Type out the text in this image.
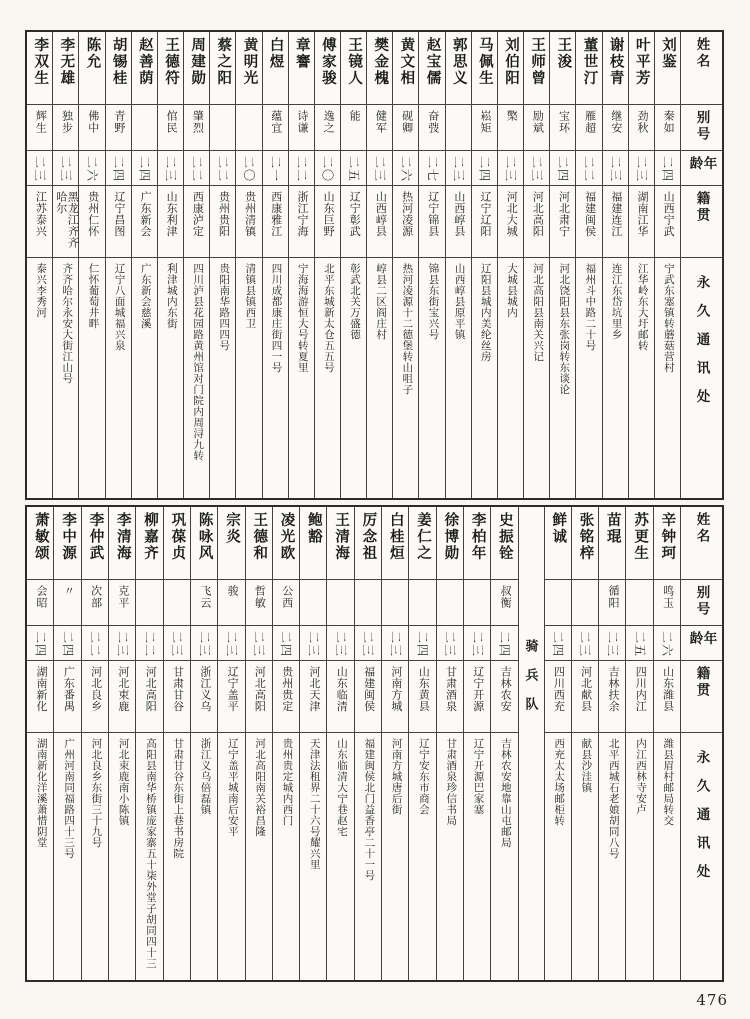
姓名
别号
年龄
籍贯
永久通讯处
刘鉴
秦如
二四
山西宁武
宁武东塞镇转蘑菇营村
叶平芳
劲秋
二三
湖南江华
江华岭东大圩邮转
谢枝青
继安
二三
福建连江
连江东岱坑里乡
董世汀
雁超
二二
福建闽侯
福州斗中路二十号
王浚
宝环
二四
河北肃宁
河北饶阳县东张岗转东谈论
王师曾
励斌
二三
河北高阳
河北高阳县南关兴记
刘伯阳
檠
二三
河北大城
大城县城内
马佩生
崧矩
二四
辽宁辽阳
辽阳县城内美纶丝房
郭思义
二三
山西崞县
山西崞县原平镇
赵宝儒
奋弢
二七
辽宁锦县
锦县东街宝兴号
黄文相
砚卿
二六
热河凌源
热河凌源十二德堡转山咀子
樊金槐
健军
二三
山西崞县
崞县二区阎庄村
王镜人
能
二五
辽宁彰武
彰武北关万盛德
傅家骏
逸之
二〇
山东巨野
北平东城新太仓五五号
章謇
诗谦
二二
浙江宁海
宁海海游恒大号转夏里
白煜
蕴宜
二一
西康雅江
四川成都康庄街四一号
黄明光
二〇
贵州清镇
清镇县镇西卫
蔡之阳
二二
贵州贵阳
贵阳南华路四四号
周建勋
肇烈
二二
西康泸定
四川泸县花园路黄州馆对门院内周浔九转
王德符
倌民
二三
山东利津
利津城内东街
赵善荫
二四
广东新会
广东新会慈溪
胡锡桂
青野
二四
辽宁昌图
辽宁八面城福兴泉
陈允
佛中
二六
贵州仁怀
仁怀葡萄井畔
李无雄
独步
二三
黑龙江齐齐哈尔
齐齐哈尔永安大街江山号
李双生
辉生
二三
江苏泰兴
泰兴李秀河
姓名
别号
年龄
籍贯
永久通讯处
辛钟珂
鸣玉
二六
山东潍县
潍县眉村邮局转交
苏更生
二五
四川内江
内江西林寺安卢
苗琨
循阳
二三
吉林扶余
北平西城石老娘胡同八号
张铭梓
二三
河北献县
献县沙洼镇
鲜诚
二四
四川西充
西充太太场邮柜转
骑兵队
史振铨
叔衡
二四
吉林农安
吉林农安地靠山屯邮局
李柏年
二三
辽宁开源
辽宁开源巴家塞
徐博勋
二三
甘肃酒泉
甘肃酒泉珍信书局
姜仁之
二四
山东黄县
辽宁安东市商会
白桂烜
二三
河南方城
河南方城唐后街
厉念祖
二三
福建闽侯
福建闽侯北门益香亭二十一号
王清海
二三
山东临清
山东临清大宁巷赵宅
鲍豁
二三
河北天津
天津法租界二十六号耀兴里
凌光欧
公西
二四
贵州贵定
贵州贵定城内西门
王德和
哲敏
二三
河北高阳
河北高阳南关裕昌隆
宗炎
骏
二三
辽宁盖平
辽宁盖平城南后安平
陈咏风
飞云
二三
浙江义乌
浙江义乌倍磊镇
巩葆贞
二三
甘肃甘谷
甘肃甘谷东街上巷书房院
柳嘉齐
二二
河北高阳
高阳县南华桥镇庞家寨五十柒外堂子胡同四十三
李清海
克平
二三
河北束鹿
河北束鹿南小陈镇
李仲武
次部
二二
河北良乡
河北良乡东街三十九号
李中源
〃
二四
广东番禺
广州河南同福路四十三号
萧敏颂
会昭
二四
湖南新化
湖南新化洋溪萧惜阴堂
476
